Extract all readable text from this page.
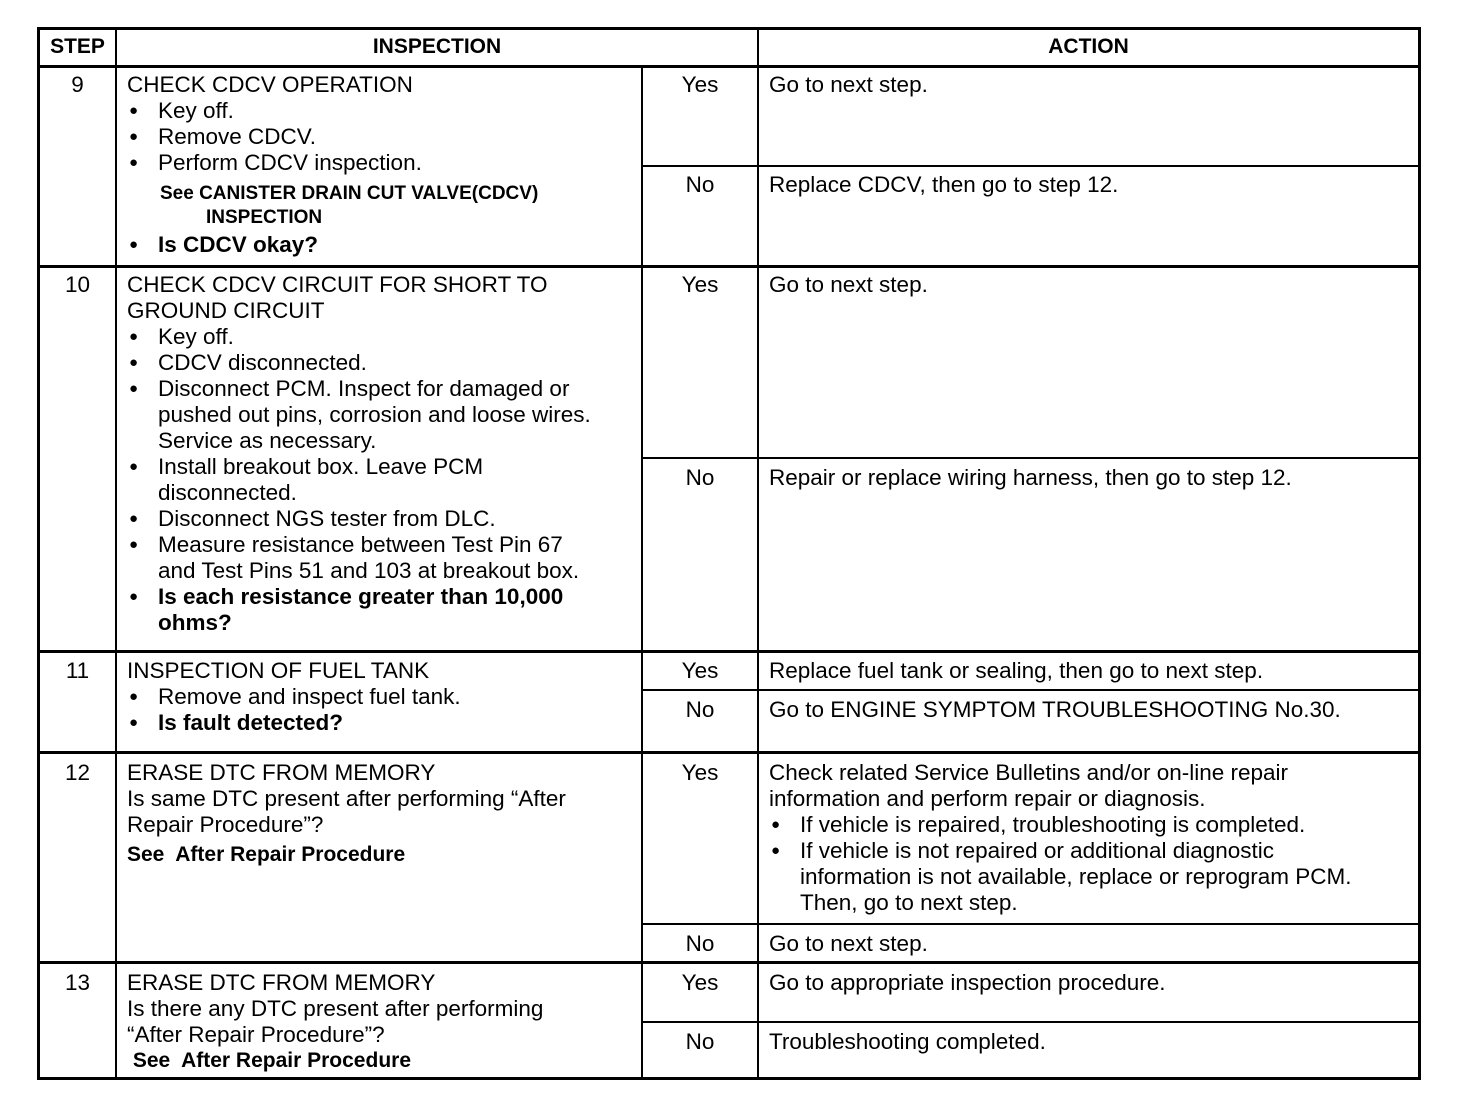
STEP	INSPECTION	ACTION
9	CHECK CDCV OPERATION
● Key off.
● Remove CDCV.
● Perform CDCV inspection.
See CANISTER DRAIN CUT VALVE(CDCV)
INSPECTION
● Is CDCV okay?
Yes	Go to next step.
No	Replace CDCV, then go to step 12.
10	CHECK CDCV CIRCUIT FOR SHORT TO
GROUND CIRCUIT
● Key off.
● CDCV disconnected.
● Disconnect PCM. Inspect for damaged or
pushed out pins, corrosion and loose wires.
Service as necessary.
● Install breakout box. Leave PCM
disconnected.
● Disconnect NGS tester from DLC.
● Measure resistance between Test Pin 67
and Test Pins 51 and 103 at breakout box.
● Is each resistance greater than 10,000
ohms?
Yes	Go to next step.
No	Repair or replace wiring harness, then go to step 12.
11	INSPECTION OF FUEL TANK
● Remove and inspect fuel tank.
● Is fault detected?
Yes	Replace fuel tank or sealing, then go to next step.
No	Go to ENGINE SYMPTOM TROUBLESHOOTING No.30.
12	ERASE DTC FROM MEMORY
Is same DTC present after performing “After
Repair Procedure”?
See  After Repair Procedure
Yes	Check related Service Bulletins and/or on-line repair
information and perform repair or diagnosis.
● If vehicle is repaired, troubleshooting is completed.
● If vehicle is not repaired or additional diagnostic
information is not available, replace or reprogram PCM.
Then, go to next step.
No	Go to next step.
13	ERASE DTC FROM MEMORY
Is there any DTC present after performing
“After Repair Procedure”?
See  After Repair Procedure
Yes	Go to appropriate inspection procedure.
No	Troubleshooting completed.
